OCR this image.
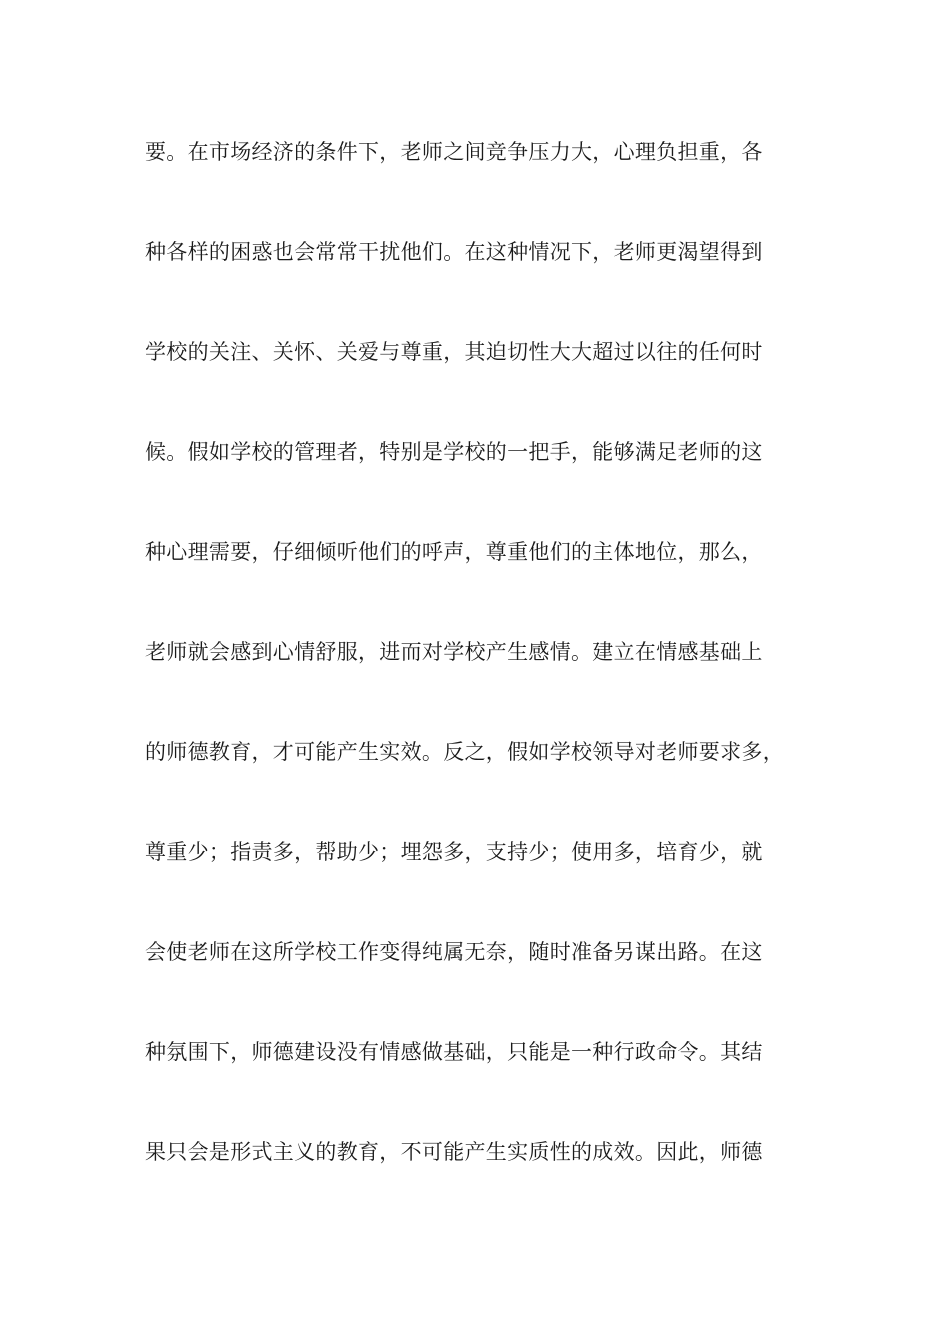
要。在市场经济的条件下，老师之间竞争压力大，心理负担重，各
种各样的困惑也会常常干扰他们。在这种情况下，老师更渴望得到
学校的关注、关怀、关爱与尊重，其迫切性大大超过以往的任何时
候。假如学校的管理者，特别是学校的一把手，能够满足老师的这
种心理需要，仔细倾听他们的呼声，尊重他们的主体地位，那么，
老师就会感到心情舒服，进而对学校产生感情。建立在情感基础上
的师德教育，才可能产生实效。反之，假如学校领导对老师要求多，
尊重少；指责多，帮助少；埋怨多，支持少；使用多，培育少，就
会使老师在这所学校工作变得纯属无奈，随时准备另谋出路。在这
种氛围下，师德建设没有情感做基础，只能是一种行政命令。其结
果只会是形式主义的教育，不可能产生实质性的成效。因此，师德
